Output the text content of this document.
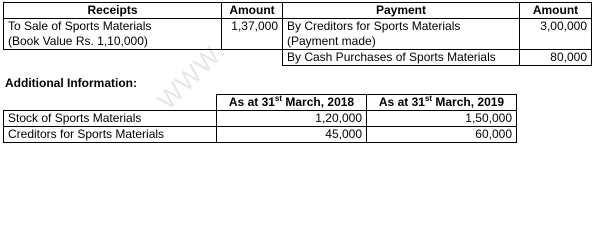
WWW.
Receipts	Amount	Payment	Amount
To Sale of Sports Materials	1,37,000	By Creditors for Sports Materials	3,00,000
(Book Value Rs. 1,10,000)		(Payment made)	
		By Cash Purchases of Sports Materials	80,000
Additional Information:
	As at 31st March, 2018	As at 31st March, 2019
Stock of Sports Materials	1,20,000	1,50,000
Creditors for Sports Materials	45,000	60,000
